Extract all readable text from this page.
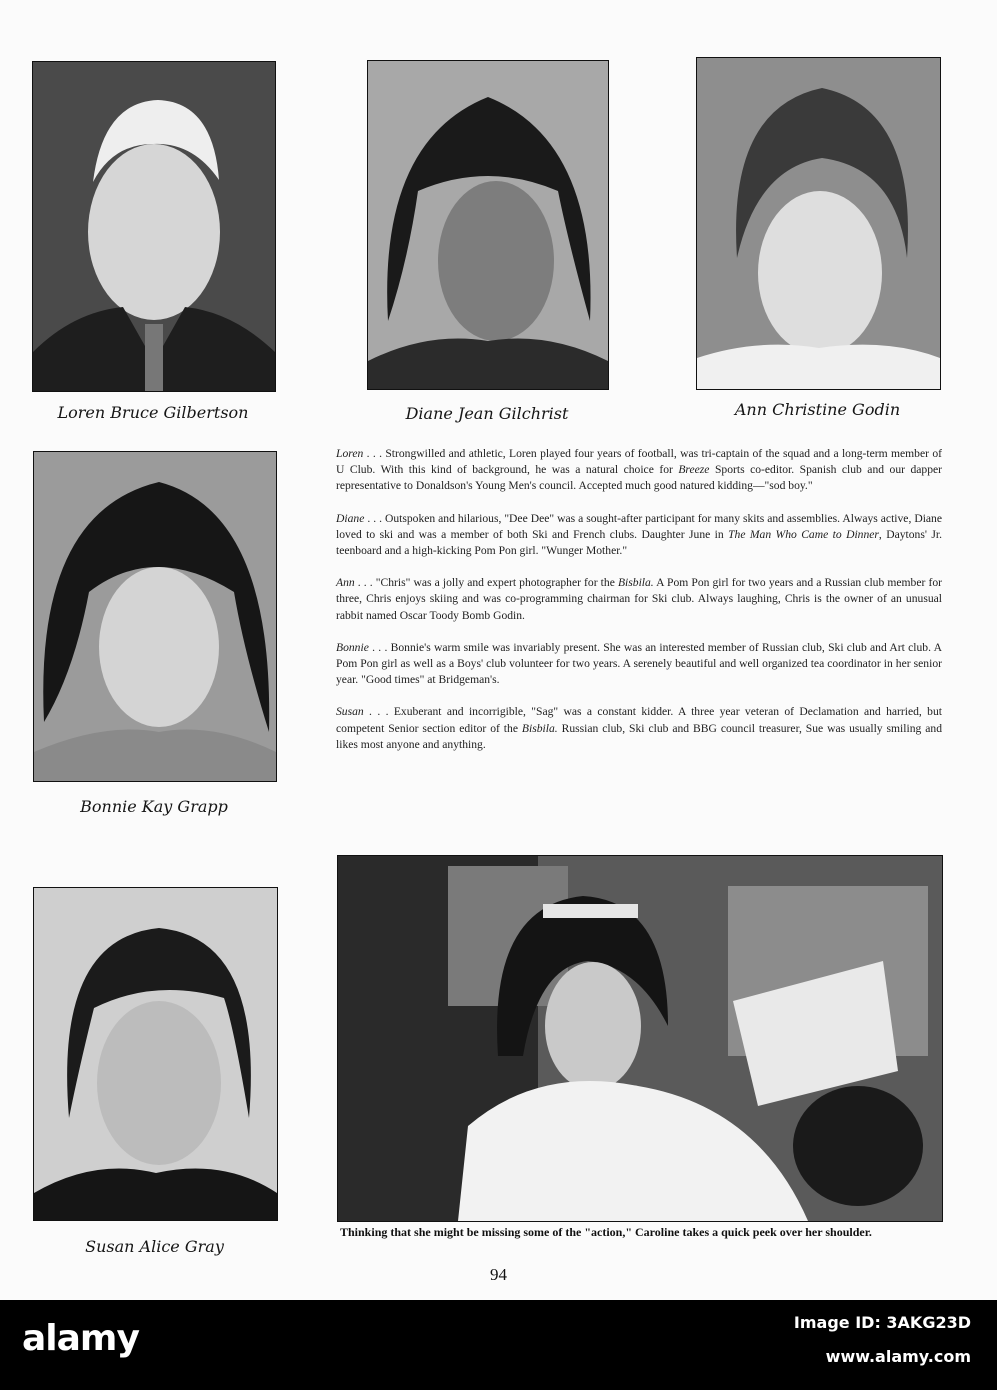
Loren Bruce Gilbertson	Diane Jean Gilchrist	Ann Christine Godin
Bonnie Kay Grapp
Susan Alice Gray

Loren . . . Strongwilled and athletic, Loren played four years of football, was tri-captain of the squad and a long-term member of U Club. With this kind of background, he was a natural choice for Breeze Sports co-editor. Spanish club and our dapper representative to Donaldson's Young Men's council. Accepted much good natured kidding—"sod boy."

Diane . . . Outspoken and hilarious, "Dee Dee" was a sought-after participant for many skits and assemblies. Always active, Diane loved to ski and was a member of both Ski and French clubs. Daughter June in The Man Who Came to Dinner, Daytons' Jr. teenboard and a high-kicking Pom Pon girl. "Wunger Mother."

Ann . . . "Chris" was a jolly and expert photographer for the Bisbila. A Pom Pon girl for two years and a Russian club member for three, Chris enjoys skiing and was co-programming chairman for Ski club. Always laughing, Chris is the owner of an unusual rabbit named Oscar Toody Bomb Godin.

Bonnie . . . Bonnie's warm smile was invariably present. She was an interested member of Russian club, Ski club and Art club. A Pom Pon girl as well as a Boys' club volunteer for two years. A serenely beautiful and well organized tea coordinator in her senior year. "Good times" at Bridgeman's.

Susan . . . Exuberant and incorrigible, "Sag" was a constant kidder. A three year veteran of Declamation and harried, but competent Senior section editor of the Bisbila. Russian club, Ski club and BBG council treasurer, Sue was usually smiling and likes most anyone and anything.

Thinking that she might be missing some of the "action," Caroline takes a quick peek over her shoulder.
94
alamy	Image ID: 3AKG23D
www.alamy.com
